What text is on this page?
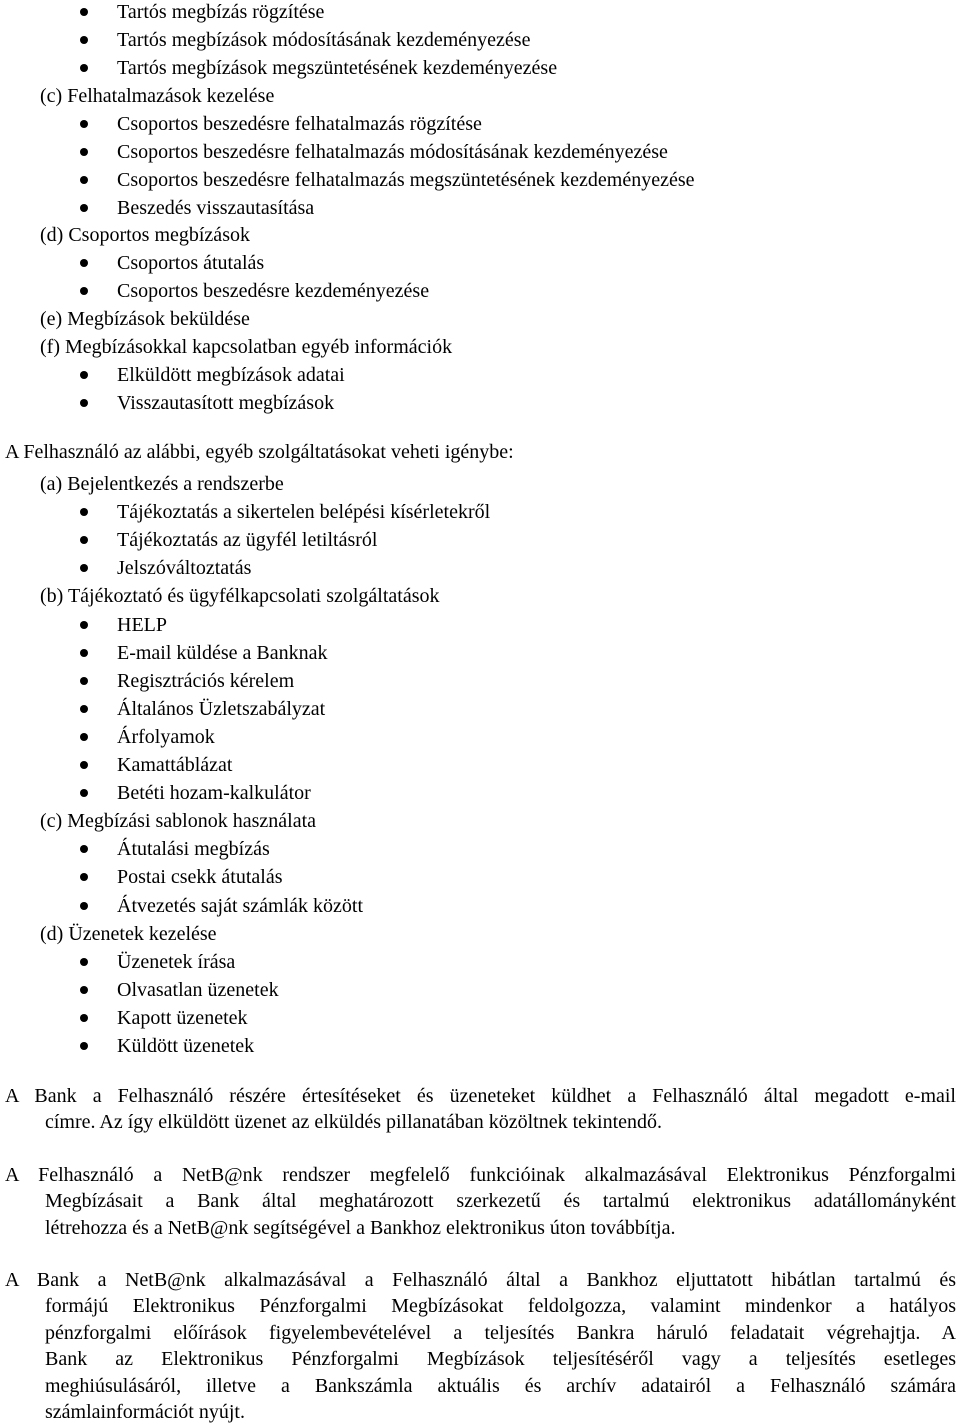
Tartós megbízás rögzítése
Tartós megbízások módosításának kezdeményezése
Tartós megbízások megszüntetésének kezdeményezése
(c) Felhatalmazások kezelése
Csoportos beszedésre felhatalmazás rögzítése
Csoportos beszedésre felhatalmazás módosításának kezdeményezése
Csoportos beszedésre felhatalmazás megszüntetésének kezdeményezése
Beszedés visszautasítása
(d) Csoportos megbízások
Csoportos átutalás
Csoportos beszedésre kezdeményezése
(e) Megbízások beküldése
(f) Megbízásokkal kapcsolatban egyéb információk
Elküldött megbízások adatai
Visszautasított megbízások
A Felhasználó az alábbi, egyéb szolgáltatásokat veheti igénybe:
(a) Bejelentkezés a rendszerbe
Tájékoztatás a sikertelen belépési kísérletekről
Tájékoztatás az ügyfél letiltásról
Jelszóváltoztatás
(b) Tájékoztató és ügyfélkapcsolati szolgáltatások
HELP
E-mail küldése a Banknak
Regisztrációs kérelem
Általános Üzletszabályzat
Árfolyamok
Kamattáblázat
Betéti hozam-kalkulátor
(c) Megbízási sablonok használata
Átutalási megbízás
Postai csekk átutalás
Átvezetés saját számlák között
(d) Üzenetek kezelése
Üzenetek írása
Olvasatlan üzenetek
Kapott üzenetek
Küldött üzenetek
A Bank a Felhasználó részére értesítéseket és üzeneteket küldhet a Felhasználó által megadott e-mail
címre. Az így elküldött üzenet az elküldés pillanatában közöltnek tekintendő.
A Felhasználó a NetB@nk rendszer megfelelő funkcióinak alkalmazásával Elektronikus Pénzforgalmi
Megbízásait a Bank által meghatározott szerkezetű és tartalmú elektronikus adatállományként
létrehozza és a NetB@nk segítségével a Bankhoz elektronikus úton továbbítja.
A Bank a NetB@nk alkalmazásával a Felhasználó által a Bankhoz eljuttatott hibátlan tartalmú és
formájú Elektronikus Pénzforgalmi Megbízásokat feldolgozza, valamint mindenkor a hatályos
pénzforgalmi előírások figyelembevételével a teljesítés Bankra háruló feladatait végrehajtja. A
Bank az Elektronikus Pénzforgalmi Megbízások teljesítéséről vagy a teljesítés esetleges
meghiúsulásáról, illetve a Bankszámla aktuális és archív adatairól a Felhasználó számára
számlainformációt nyújt.
